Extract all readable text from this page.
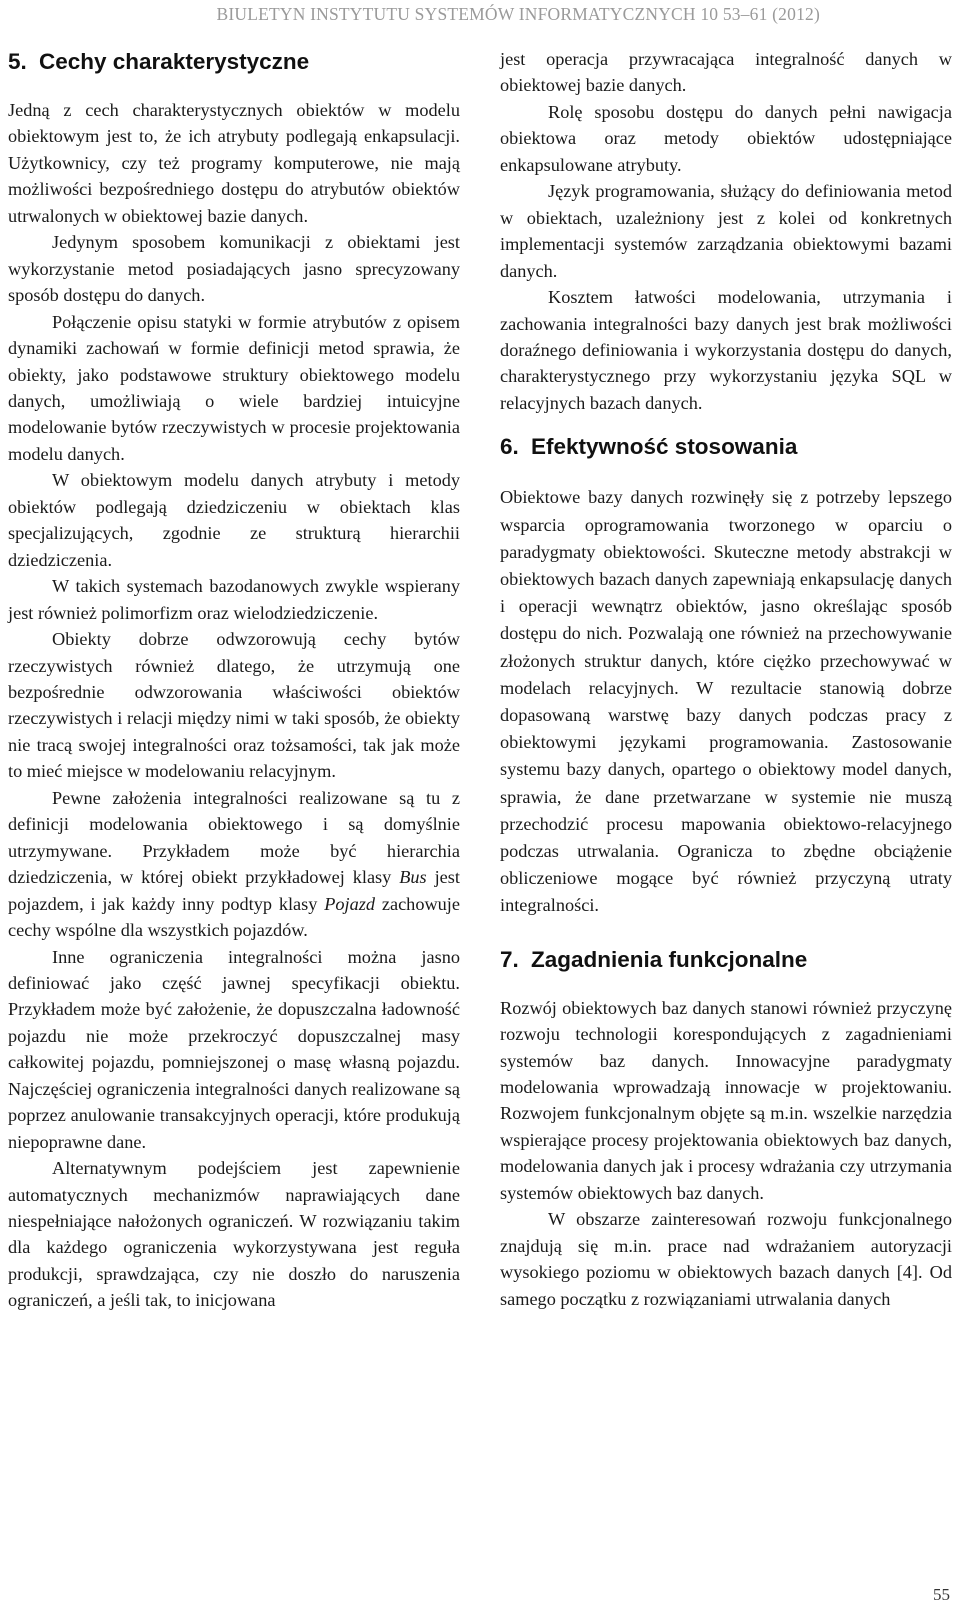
BIULETYN INSTYTUTU SYSTEMÓW INFORMATYCZNYCH 10 53–61 (2012)
5. Cechy charakterystyczne

Jedną z cech charakterystycznych obiektów w modelu obiektowym jest to, że ich atrybuty podlegają enkapsulacji. Użytkownicy, czy też programy komputerowe, nie mają możliwości bezpośredniego dostępu do atrybutów obiektów utrwalonych w obiektowej bazie danych.

Jedynym sposobem komunikacji z obiektami jest wykorzystanie metod posiadających jasno sprecyzowany sposób dostępu do danych.

Połączenie opisu statyki w formie atrybutów z opisem dynamiki zachowań w formie definicji metod sprawia, że obiekty, jako podstawowe struktury obiektowego modelu danych, umożliwiają o wiele bardziej intuicyjne modelowanie bytów rzeczywistych w procesie projektowania modelu danych.

W obiektowym modelu danych atrybuty i metody obiektów podlegają dziedziczeniu w obiektach klas specjalizujących, zgodnie ze strukturą hierarchii dziedziczenia.

W takich systemach bazodanowych zwykle wspierany jest również polimorfizm oraz wielodziedziczenie.

Obiekty dobrze odwzorowują cechy bytów rzeczywistych również dlatego, że utrzymują one bezpośrednie odwzorowania właściwości obiektów rzeczywistych i relacji między nimi w taki sposób, że obiekty nie tracą swojej integralności oraz tożsamości, tak jak może to mieć miejsce w modelowaniu relacyjnym.

Pewne założenia integralności realizowane są tu z definicji modelowania obiektowego i są domyślnie utrzymywane. Przykładem może być hierarchia dziedziczenia, w której obiekt przykładowej klasy Bus jest pojazdem, i jak każdy inny podtyp klasy Pojazd zachowuje cechy wspólne dla wszystkich pojazdów.

Inne ograniczenia integralności można jasno definiować jako część jawnej specyfikacji obiektu. Przykładem może być założenie, że dopuszczalna ładowność pojazdu nie może przekroczyć dopuszczalnej masy całkowitej pojazdu, pomniejszonej o masę własną pojazdu. Najczęściej ograniczenia integralności danych realizowane są poprzez anulowanie transakcyjnych operacji, które produkują niepoprawne dane.

Alternatywnym podejściem jest zapewnienie automatycznych mechanizmów naprawiających dane niespełniające nałożonych ograniczeń. W rozwiązaniu takim dla każdego ograniczenia wykorzystywana jest reguła produkcji, sprawdzająca, czy nie doszło do naruszenia ograniczeń, a jeśli tak, to inicjowana

jest operacja przywracająca integralność danych w obiektowej bazie danych.

Rolę sposobu dostępu do danych pełni nawigacja obiektowa oraz metody obiektów udostępniające enkapsulowane atrybuty.

Język programowania, służący do definiowania metod w obiektach, uzależniony jest z kolei od konkretnych implementacji systemów zarządzania obiektowymi bazami danych.

Kosztem łatwości modelowania, utrzymania i zachowania integralności bazy danych jest brak możliwości doraźnego definiowania i wykorzystania dostępu do danych, charakterystycznego przy wykorzystaniu języka SQL w relacyjnych bazach danych.

6. Efektywność stosowania

Obiektowe bazy danych rozwinęły się z potrzeby lepszego wsparcia oprogramowania tworzonego w oparciu o paradygmaty obiektowości. Skuteczne metody abstrakcji w obiektowych bazach danych zapewniają enkapsulację danych i operacji wewnątrz obiektów, jasno określając sposób dostępu do nich. Pozwalają one również na przechowywanie złożonych struktur danych, które ciężko przechowywać w modelach relacyjnych. W rezultacie stanowią dobrze dopasowaną warstwę bazy danych podczas pracy z obiektowymi językami programowania. Zastosowanie systemu bazy danych, opartego o obiektowy model danych, sprawia, że dane przetwarzane w systemie nie muszą przechodzić procesu mapowania obiektowo-relacyjnego podczas utrwalania. Ogranicza to zbędne obciążenie obliczeniowe mogące być również przyczyną utraty integralności.

7. Zagadnienia funkcjonalne

Rozwój obiektowych baz danych stanowi również przyczynę rozwoju technologii korespondujących z zagadnieniami systemów baz danych. Innowacyjne paradygmaty modelowania wprowadzają innowacje w projektowaniu. Rozwojem funkcjonalnym objęte są m.in. wszelkie narzędzia wspierające procesy projektowania obiektowych baz danych, modelowania danych jak i procesy wdrażania czy utrzymania systemów obiektowych baz danych.

W obszarze zainteresowań rozwoju funkcjonalnego znajdują się m.in. prace nad wdrażaniem autoryzacji wysokiego poziomu w obiektowych bazach danych [4]. Od samego początku z rozwiązaniami utrwalania danych

55
